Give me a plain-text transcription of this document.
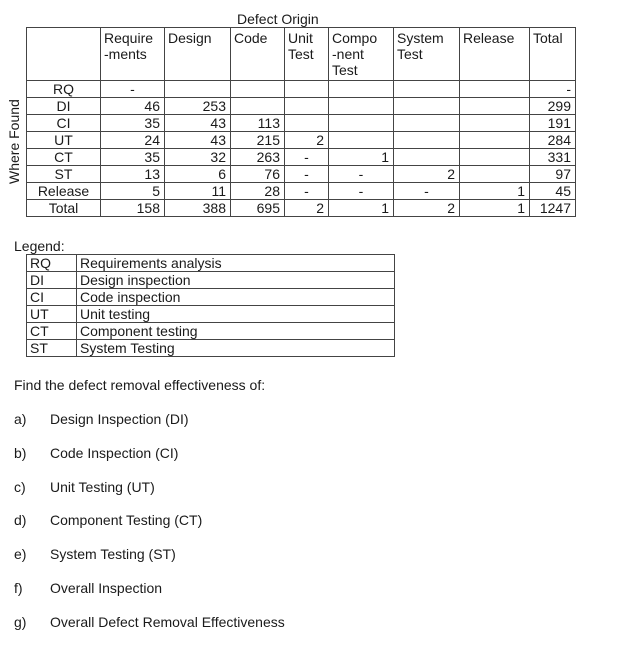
Defect Origin
Where Found
	Require
-ments	Design	Code	Unit
Test	Compo
-nent
Test	System
Test	Release	Total
RQ	-							-
DI	46	253						299
CI	35	43	113					191
UT	24	43	215	2				284
CT	35	32	263	-	1			331
ST	13	6	76	-	-	2		97
Release	5	11	28	-	-	-	1	45
Total	158	388	695	2	1	2	1	1247
Legend:
RQ	Requirements analysis
DI	Design inspection
CI	Code inspection
UT	Unit testing
CT	Component testing
ST	System Testing
Find the defect removal effectiveness of:
a) Design Inspection (DI)
b) Code Inspection (CI)
c) Unit Testing (UT)
d) Component Testing (CT)
e) System Testing (ST)
f) Overall Inspection
g) Overall Defect Removal Effectiveness
